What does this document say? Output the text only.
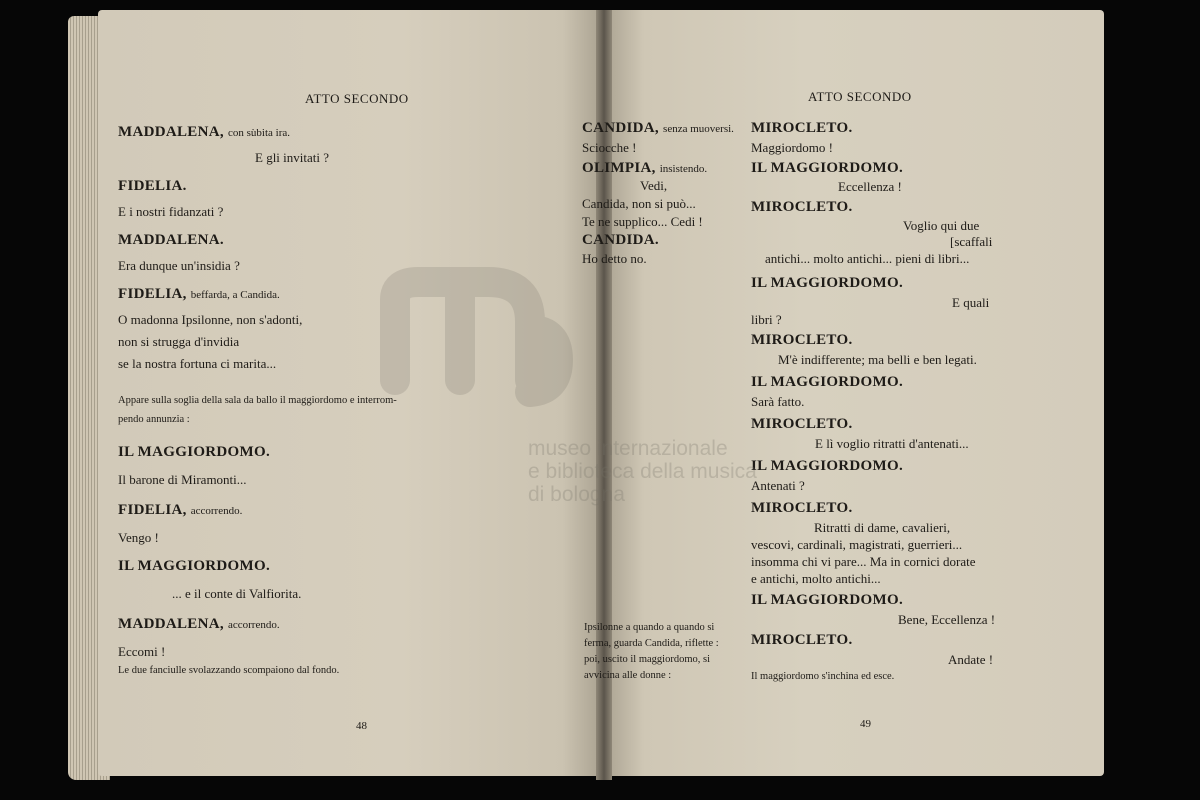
ATTO SECONDO	ATTO SECONDO
MADDALENA, con sùbita ira.
E gli invitati ?
FIDELIA.
E i nostri fidanzati ?
MADDALENA.
Era dunque un'insidia ?
FIDELIA, beffarda, a Candida.
O madonna Ipsilonne, non s'adonti,
non si strugga d'invidia
se la nostra fortuna ci marita...
Appare sulla soglia della sala da ballo il maggiordomo e interrom-
pendo annunzia :
IL MAGGIORDOMO.
Il barone di Miramonti...
FIDELIA, accorrendo.
Vengo !
IL MAGGIORDOMO.
... e il conte di Valfiorita.
MADDALENA, accorrendo.
Eccomi !
Le due fanciulle svolazzando scompaiono dal fondo.
CANDIDA, senza muoversi.
Sciocche !
OLIMPIA, insistendo.
Vedi,
Candida, non si può...
Te ne supplico... Cedi !
CANDIDA.
Ho detto no.
MIROCLETO.
Maggiordomo !
IL MAGGIORDOMO.
Eccellenza !
MIROCLETO.
Voglio qui due
[scaffali
antichi... molto antichi... pieni di libri...
IL MAGGIORDOMO.
E quali
libri ?
MIROCLETO.
M'è indifferente; ma belli e ben legati.
IL MAGGIORDOMO.
Sarà fatto.
MIROCLETO.
E lì voglio ritratti d'antenati...
IL MAGGIORDOMO.
Antenati ?
MIROCLETO.
Ritratti di dame, cavalieri,
vescovi, cardinali, magistrati, guerrieri...
insomma chi vi pare... Ma in cornici dorate
e antichi, molto antichi...
IL MAGGIORDOMO.
Bene, Eccellenza !
MIROCLETO.
Andate !
Il maggiordomo s'inchina ed esce.
Ipsilonne a quando a quando si
ferma, guarda Candida, riflette :
poi, uscito il maggiordomo, si
avvicina alle donne :
48	49
museo internazionale
e biblioteca della musica
di bologna
